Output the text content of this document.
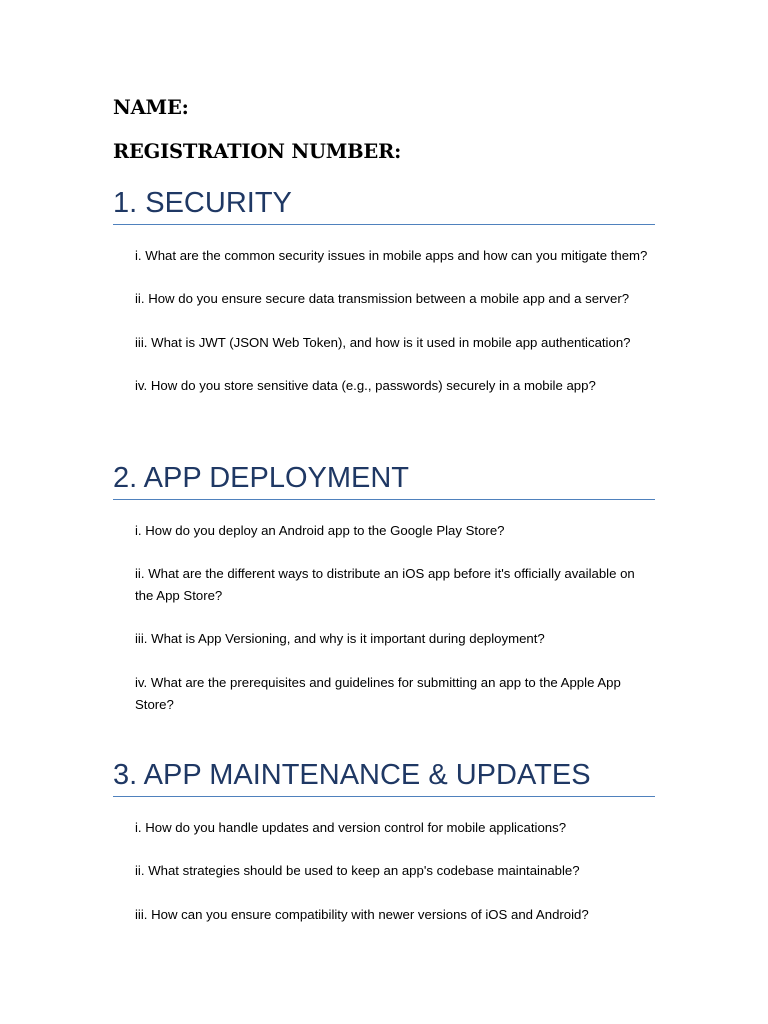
NAME:

REGISTRATION NUMBER:

1. SECURITY
i. What are the common security issues in mobile apps and how can you mitigate them?
ii. How do you ensure secure data transmission between a mobile app and a server?
iii. What is JWT (JSON Web Token), and how is it used in mobile app authentication?
iv. How do you store sensitive data (e.g., passwords) securely in a mobile app?
2. APP DEPLOYMENT
i. How do you deploy an Android app to the Google Play Store?
ii. What are the different ways to distribute an iOS app before it's officially available on the App Store?
iii. What is App Versioning, and why is it important during deployment?
iv. What are the prerequisites and guidelines for submitting an app to the Apple App Store?
3. APP MAINTENANCE & UPDATES
i. How do you handle updates and version control for mobile applications?
ii. What strategies should be used to keep an app's codebase maintainable?
iii. How can you ensure compatibility with newer versions of iOS and Android?
